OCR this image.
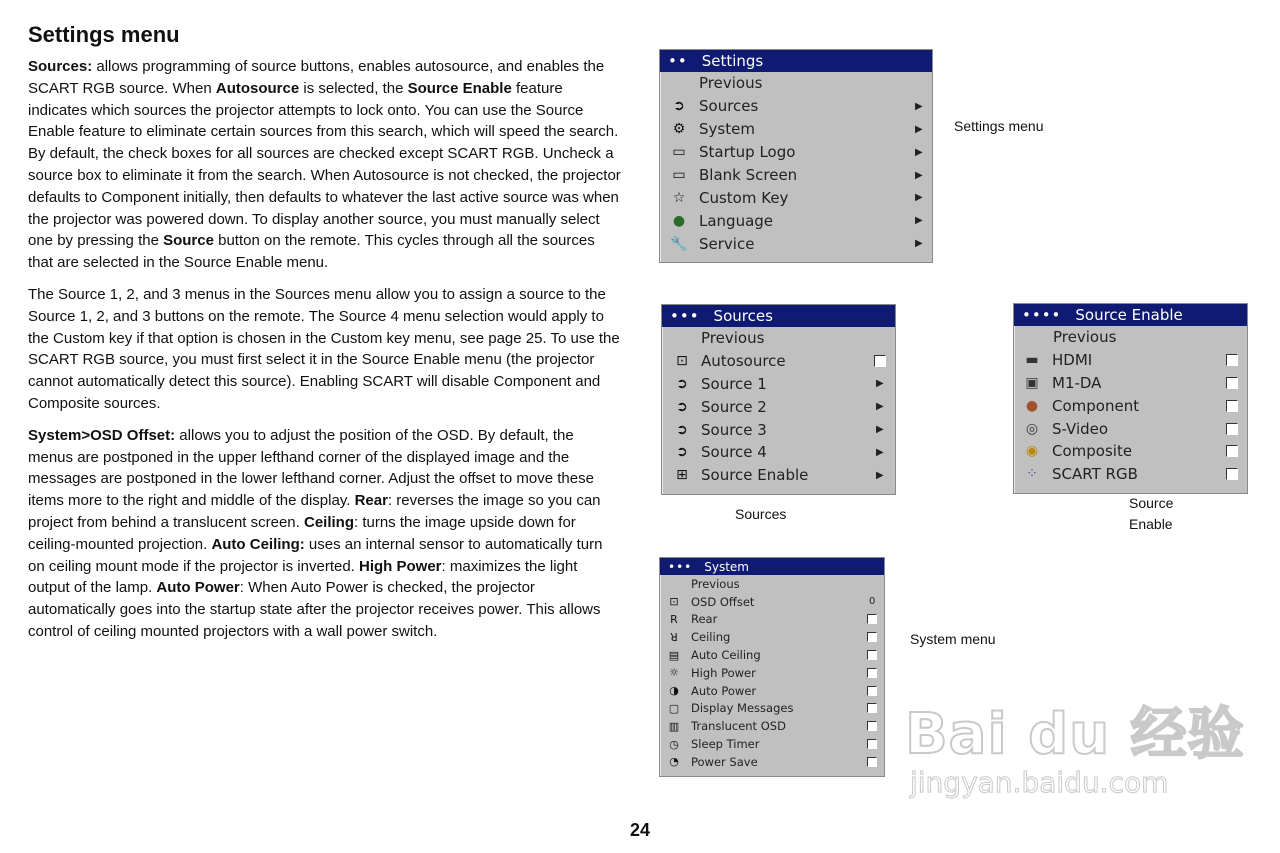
Settings menu

Sources: allows programming of source buttons, enables autosource, and enables the SCART RGB source. When Autosource is selected, the Source Enable feature indicates which sources the projector attempts to lock onto. You can use the Source Enable feature to eliminate certain sources from this search, which will speed the search. By default, the check boxes for all sources are checked except SCART RGB. Uncheck a source box to eliminate it from the search. When Autosource is not checked, the projector defaults to Component initially, then defaults to whatever the last active source was when the projector was powered down. To display another source, you must manually select one by pressing the Source button on the remote. This cycles through all the sources that are selected in the Source Enable menu.

The Source 1, 2, and 3 menus in the Sources menu allow you to assign a source to the Source 1, 2, and 3 buttons on the remote. The Source 4 menu selection would apply to the Custom key if that option is chosen in the Custom key menu, see page 25. To use the SCART RGB source, you must first select it in the Source Enable menu (the projector cannot automatically detect this source). Enabling SCART will disable Component and Composite sources.

System>OSD Offset: allows you to adjust the position of the OSD. By default, the menus are postponed in the upper lefthand corner of the displayed image and the messages are postponed in the lower lefthand corner. Adjust the offset to move these items more to the right and middle of the display. Rear: reverses the image so you can project from behind a translucent screen. Ceiling: turns the image upside down for ceiling-mounted projection. Auto Ceiling: uses an internal sensor to automatically turn on ceiling mount mode if the projector is inverted. High Power: maximizes the light output of the lamp. Auto Power: When Auto Power is checked, the projector automatically goes into the startup state after the projector receives power. This allows control of ceiling mounted projectors with a wall power switch.

•• Settings
Previous
➲ Sources	▶
⚙ System	▶
▭ Startup Logo	▶
▭ Blank Screen	▶
☆ Custom Key	▶
● Language	▶
🔧 Service	▶
Settings menu
••• Sources
Previous
⊡ Autosource
➲ Source 1	▶
➲ Source 2	▶
➲ Source 3	▶
➲ Source 4	▶
⊞ Source Enable	▶
Sources
•••• Source Enable
Previous
▬ HDMI
▣ M1-DA
● Component
◎ S-Video
◉ Composite
⁘ SCART RGB
Source
Enable
••• System
Previous
⊡ OSD Offset	0
R	Rear
ꓤ	Ceiling
▤ Auto Ceiling
☼ High Power
◑ Auto Power
▢ Display Messages
▥ Translucent OSD
◷ Sleep Timer
◔ Power Save
System menu
Bai du 经验
jingyan.baidu.com
24
